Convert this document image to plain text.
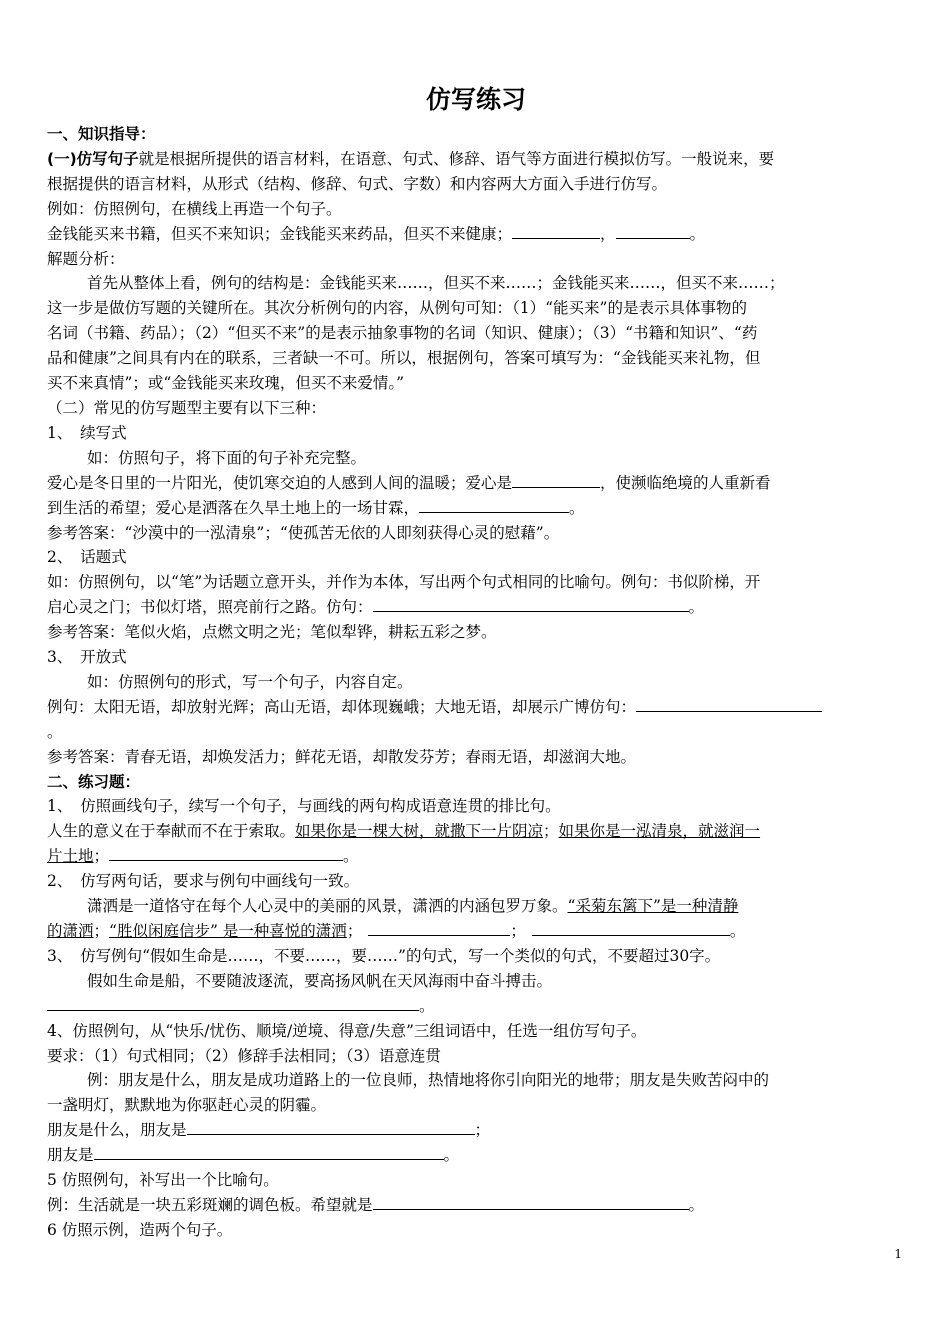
仿写练习
一、知识指导：
(一)仿写句子就是根据所提供的语言材料，在语意、句式、修辞、语气等方面进行模拟仿写。一般说来，要
根据提供的语言材料，从形式（结构、修辞、句式、字数）和内容两大方面入手进行仿写。
例如：仿照例句，在横线上再造一个句子。
金钱能买来书籍，但买不来知识；金钱能买来药品，但买不来健康；	，	。
解题分析：
首先从整体上看，例句的结构是：金钱能买来……，但买不来……；金钱能买来……，但买不来……；
这一步是做仿写题的关键所在。其次分析例句的内容，从例句可知：（1）“能买来”的是表示具体事物的
名词（书籍、药品）；（2）“但买不来”的是表示抽象事物的名词（知识、健康）；（3）“书籍和知识”、“药
品和健康”之间具有内在的联系，三者缺一不可。所以，根据例句，答案可填写为：“金钱能买来礼物，但
买不来真情”；或“金钱能买来玫瑰，但买不来爱情。”
（二）常见的仿写题型主要有以下三种：
1、　续写式
如：仿照句子，将下面的句子补充完整。
爱心是冬日里的一片阳光，使饥寒交迫的人感到人间的温暖；爱心是	，使濒临绝境的人重新看
到生活的希望；爱心是洒落在久旱土地上的一场甘霖，	。
参考答案：“沙漠中的一泓清泉”；“使孤苦无依的人即刻获得心灵的慰藉”。
2、　话题式
如：仿照例句，以“笔”为话题立意开头，并作为本体，写出两个句式相同的比喻句。例句：书似阶梯，开
启心灵之门；书似灯塔，照亮前行之路。仿句：	。
参考答案：笔似火焰，点燃文明之光；笔似犁铧，耕耘五彩之梦。
3、　开放式
如：仿照例句的形式，写一个句子，内容自定。
例句：太阳无语，却放射光辉；高山无语，却体现巍峨；大地无语，却展示广博仿句：
。
参考答案：青春无语，却焕发活力；鲜花无语，却散发芬芳；春雨无语，却滋润大地。
二、练习题：
1、　仿照画线句子，续写一个句子，与画线的两句构成语意连贯的排比句。
人生的意义在于奉献而不在于索取。如果你是一棵大树，就撒下一片阴凉；如果你是一泓清泉，就滋润一
片土地；	。
2、　仿写两句话，要求与例句中画线句一致。
潇洒是一道恪守在每个人心灵中的美丽的风景，潇洒的内涵包罗万象。“采菊东篱下”是一种清静
的潇洒；“胜似闲庭信步” 是一种喜悦的潇洒；	；	。
3、　仿写例句“假如生命是……，不要……，要……”的句式，写一个类似的句式，不要超过30字。
假如生命是船，不要随波逐流，要高扬风帆在天风海雨中奋斗搏击。
。
4、仿照例句，从“快乐/忧伤、顺境/逆境、得意/失意”三组词语中，任选一组仿写句子。
要求：（1）句式相同；（2）修辞手法相同；（3）语意连贯
例：朋友是什么，朋友是成功道路上的一位良师，热情地将你引向阳光的地带；朋友是失败苦闷中的
一盏明灯，默默地为你驱赶心灵的阴霾。
朋友是什么，朋友是	；
朋友是	。
5 仿照例句，补写出一个比喻句。
例：生活就是一块五彩斑斓的调色板。希望就是	。
6 仿照示例，造两个句子。
1
